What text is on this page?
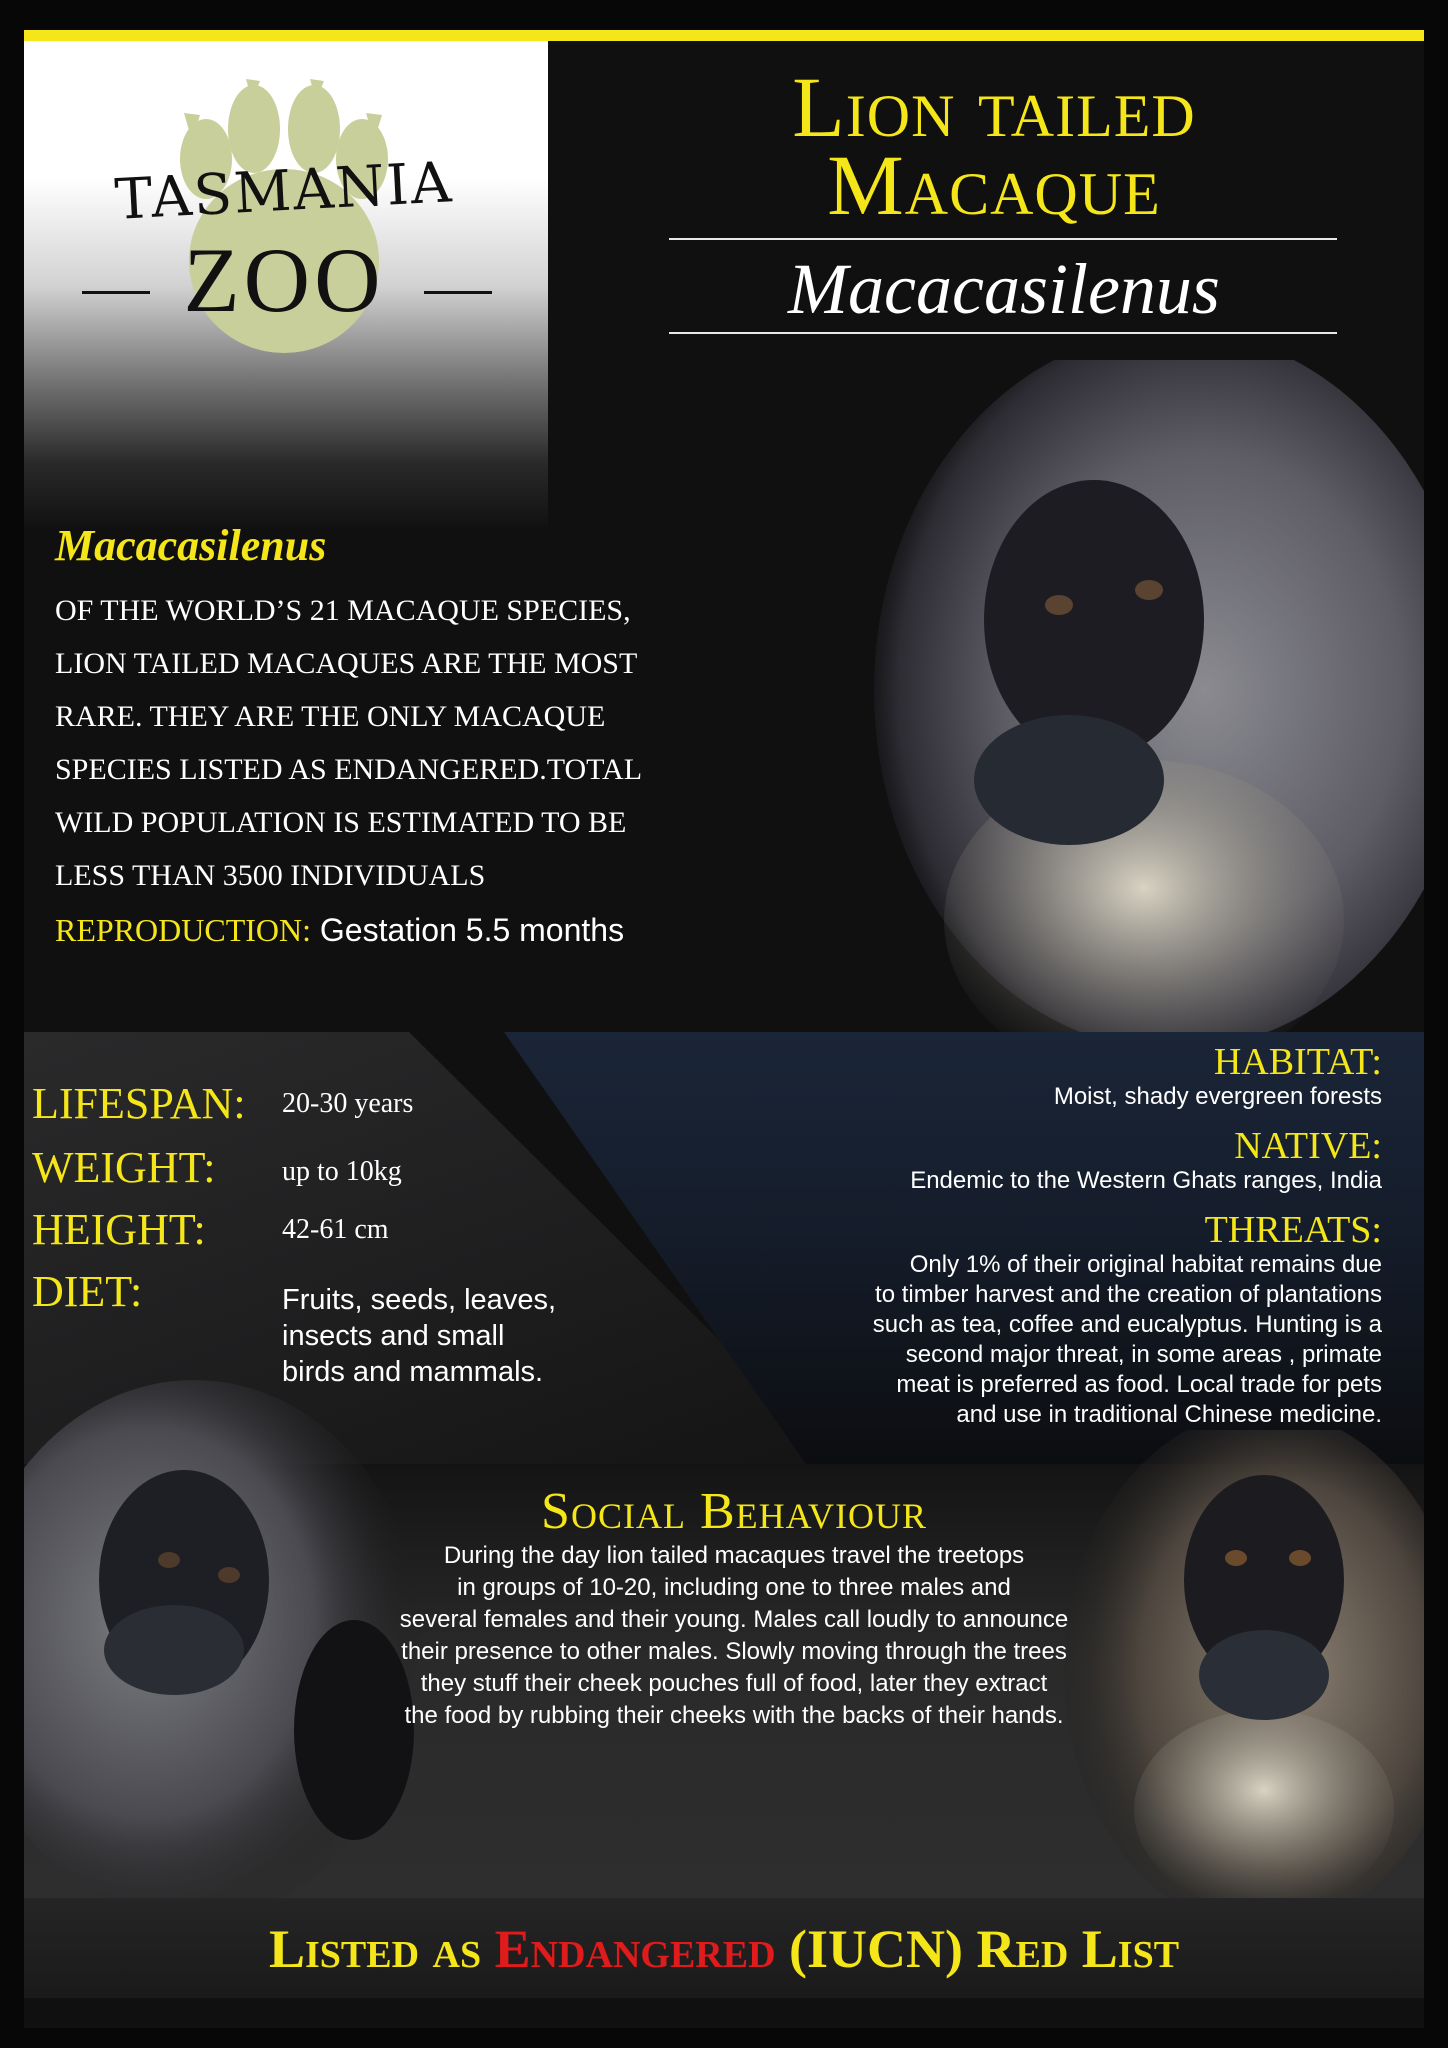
TASMANIA
ZOO
Lion tailed
Macaque
Macacasilenus
Macacasilenus
OF THE WORLD’S 21 MACAQUE SPECIES,
LION TAILED MACAQUES ARE THE MOST
RARE. THEY ARE THE ONLY MACAQUE
SPECIES LISTED AS ENDANGERED.TOTAL
WILD POPULATION IS ESTIMATED TO BE
LESS THAN 3500 INDIVIDUALS
REPRODUCTION: Gestation 5.5 months
LIFESPAN: 20-30 years
WEIGHT: up to 10kg
HEIGHT:	42-61 cm
DIET:	Fruits, seeds, leaves,
insects and small
birds and mammals.
HABITAT:
Moist, shady evergreen forests
NATIVE:
Endemic to the Western Ghats ranges, India
THREATS:
Only 1% of their original habitat remains due
to timber harvest and the creation of plantations
such as tea, coffee and eucalyptus. Hunting is a
second major threat, in some areas , primate
meat is preferred as food. Local trade for pets
and use in traditional Chinese medicine.
Social Behaviour
During the day lion tailed macaques travel the treetops
in groups of 10-20, including one to three males and
several females and their young. Males call loudly to announce
their presence to other males. Slowly moving through the trees
they stuff their cheek pouches full of food, later they extract
the food by rubbing their cheeks with the backs of their hands.
Listed as Endangered (IUCN) Red List
